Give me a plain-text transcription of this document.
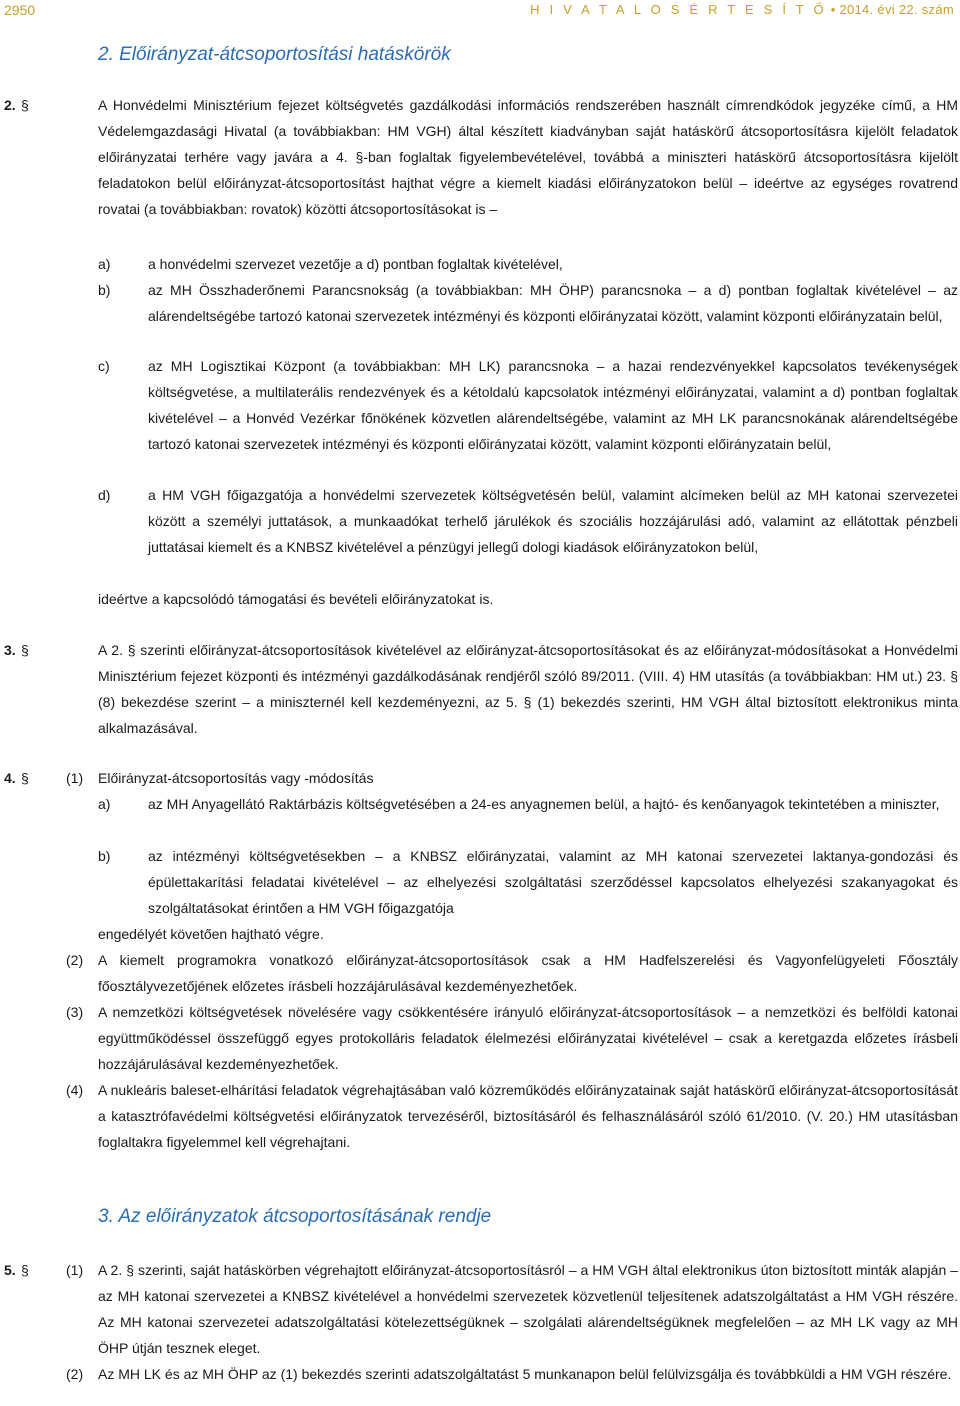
2950	H I V A T A L O S É R T E S Í T Ő • 2014. évi 22. szám
2. Előirányzat-átcsoportosítási hatáskörök
2. §	A Honvédelmi Minisztérium fejezet költségvetés gazdálkodási információs rendszerében használt címrendkódok jegyzéke című, a HM Védelemgazdasági Hivatal (a továbbiakban: HM VGH) által készített kiadványban saját hatáskörű átcsoportosításra kijelölt feladatok előirányzatai terhére vagy javára a 4. §-ban foglaltak figyelembevételével, továbbá a miniszteri hatáskörű átcsoportosításra kijelölt feladatokon belül előirányzat-átcsoportosítást hajthat végre a kiemelt kiadási előirányzatokon belül – ideértve az egységes rovatrend rovatai (a továbbiakban: rovatok) közötti átcsoportosításokat is –
a)	a honvédelmi szervezet vezetője a d) pontban foglaltak kivételével,
b)	az MH Összhaderőnemi Parancsnokság (a továbbiakban: MH ÖHP) parancsnoka – a d) pontban foglaltak kivételével – az alárendeltségébe tartozó katonai szervezetek intézményi és központi előirányzatai között, valamint központi előirányzatain belül,
c)	az MH Logisztikai Központ (a továbbiakban: MH LK) parancsnoka – a hazai rendezvényekkel kapcsolatos tevékenységek költségvetése, a multilaterális rendezvények és a kétoldalú kapcsolatok intézményi előirányzatai, valamint a d) pontban foglaltak kivételével – a Honvéd Vezérkar főnökének közvetlen alárendeltségébe, valamint az MH LK parancsnokának alárendeltségébe tartozó katonai szervezetek intézményi és központi előirányzatai között, valamint központi előirányzatain belül,
d)	a HM VGH főigazgatója a honvédelmi szervezetek költségvetésén belül, valamint alcímeken belül az MH katonai szervezetei között a személyi juttatások, a munkaadókat terhelő járulékok és szociális hozzájárulási adó, valamint az ellátottak pénzbeli juttatásai kiemelt és a KNBSZ kivételével a pénzügyi jellegű dologi kiadások előirányzatokon belül,
ideértve a kapcsolódó támogatási és bevételi előirányzatokat is.
3. §	A 2. § szerinti előirányzat-átcsoportosítások kivételével az előirányzat-átcsoportosításokat és az előirányzat-módosításokat a Honvédelmi Minisztérium fejezet központi és intézményi gazdálkodásának rendjéről szóló 89/2011. (VIII. 4) HM utasítás (a továbbiakban: HM ut.) 23. § (8) bekezdése szerint – a miniszternél kell kezdeményezni, az 5. § (1) bekezdés szerinti, HM VGH által biztosított elektronikus minta alkalmazásával.
4. §	(1) Előirányzat-átcsoportosítás vagy -módosítás
a)	az MH Anyagellátó Raktárbázis költségvetésében a 24-es anyagnemen belül, a hajtó- és kenőanyagok tekintetében a miniszter,
b)	az intézményi költségvetésekben – a KNBSZ előirányzatai, valamint az MH katonai szervezetei laktanya-gondozási és épülettakarítási feladatai kivételével – az elhelyezési szolgáltatási szerződéssel kapcsolatos elhelyezési szakanyagokat és szolgáltatásokat érintően a HM VGH főigazgatója
engedélyét követően hajtható végre.
(2) A kiemelt programokra vonatkozó előirányzat-átcsoportosítások csak a HM Hadfelszerelési és Vagyonfelügyeleti Főosztály főosztályvezetőjének előzetes írásbeli hozzájárulásával kezdeményezhetőek.
(3) A nemzetközi költségvetések növelésére vagy csökkentésére irányuló előirányzat-átcsoportosítások – a nemzetközi és belföldi katonai együttműködéssel összefüggő egyes protokolláris feladatok élelmezési előirányzatai kivételével – csak a keretgazda előzetes írásbeli hozzájárulásával kezdeményezhetőek.
(4) A nukleáris baleset-elhárítási feladatok végrehajtásában való közreműködés előirányzatainak saját hatáskörű előirányzat-átcsoportosítását a katasztrófavédelmi költségvetési előirányzatok tervezéséről, biztosításáról és felhasználásáról szóló 61/2010. (V. 20.) HM utasításban foglaltakra figyelemmel kell végrehajtani.
3. Az előirányzatok átcsoportosításának rendje
5. §	(1) A 2. § szerinti, saját hatáskörben végrehajtott előirányzat-átcsoportosításról – a HM VGH által elektronikus úton biztosított minták alapján – az MH katonai szervezetei a KNBSZ kivételével a honvédelmi szervezetek közvetlenül teljesítenek adatszolgáltatást a HM VGH részére. Az MH katonai szervezetei adatszolgáltatási kötelezettségüknek – szolgálati alárendeltségüknek megfelelően – az MH LK vagy az MH ÖHP útján tesznek eleget.
(2) Az MH LK és az MH ÖHP az (1) bekezdés szerinti adatszolgáltatást 5 munkanapon belül felülvizsgálja és továbbküldi a HM VGH részére.
